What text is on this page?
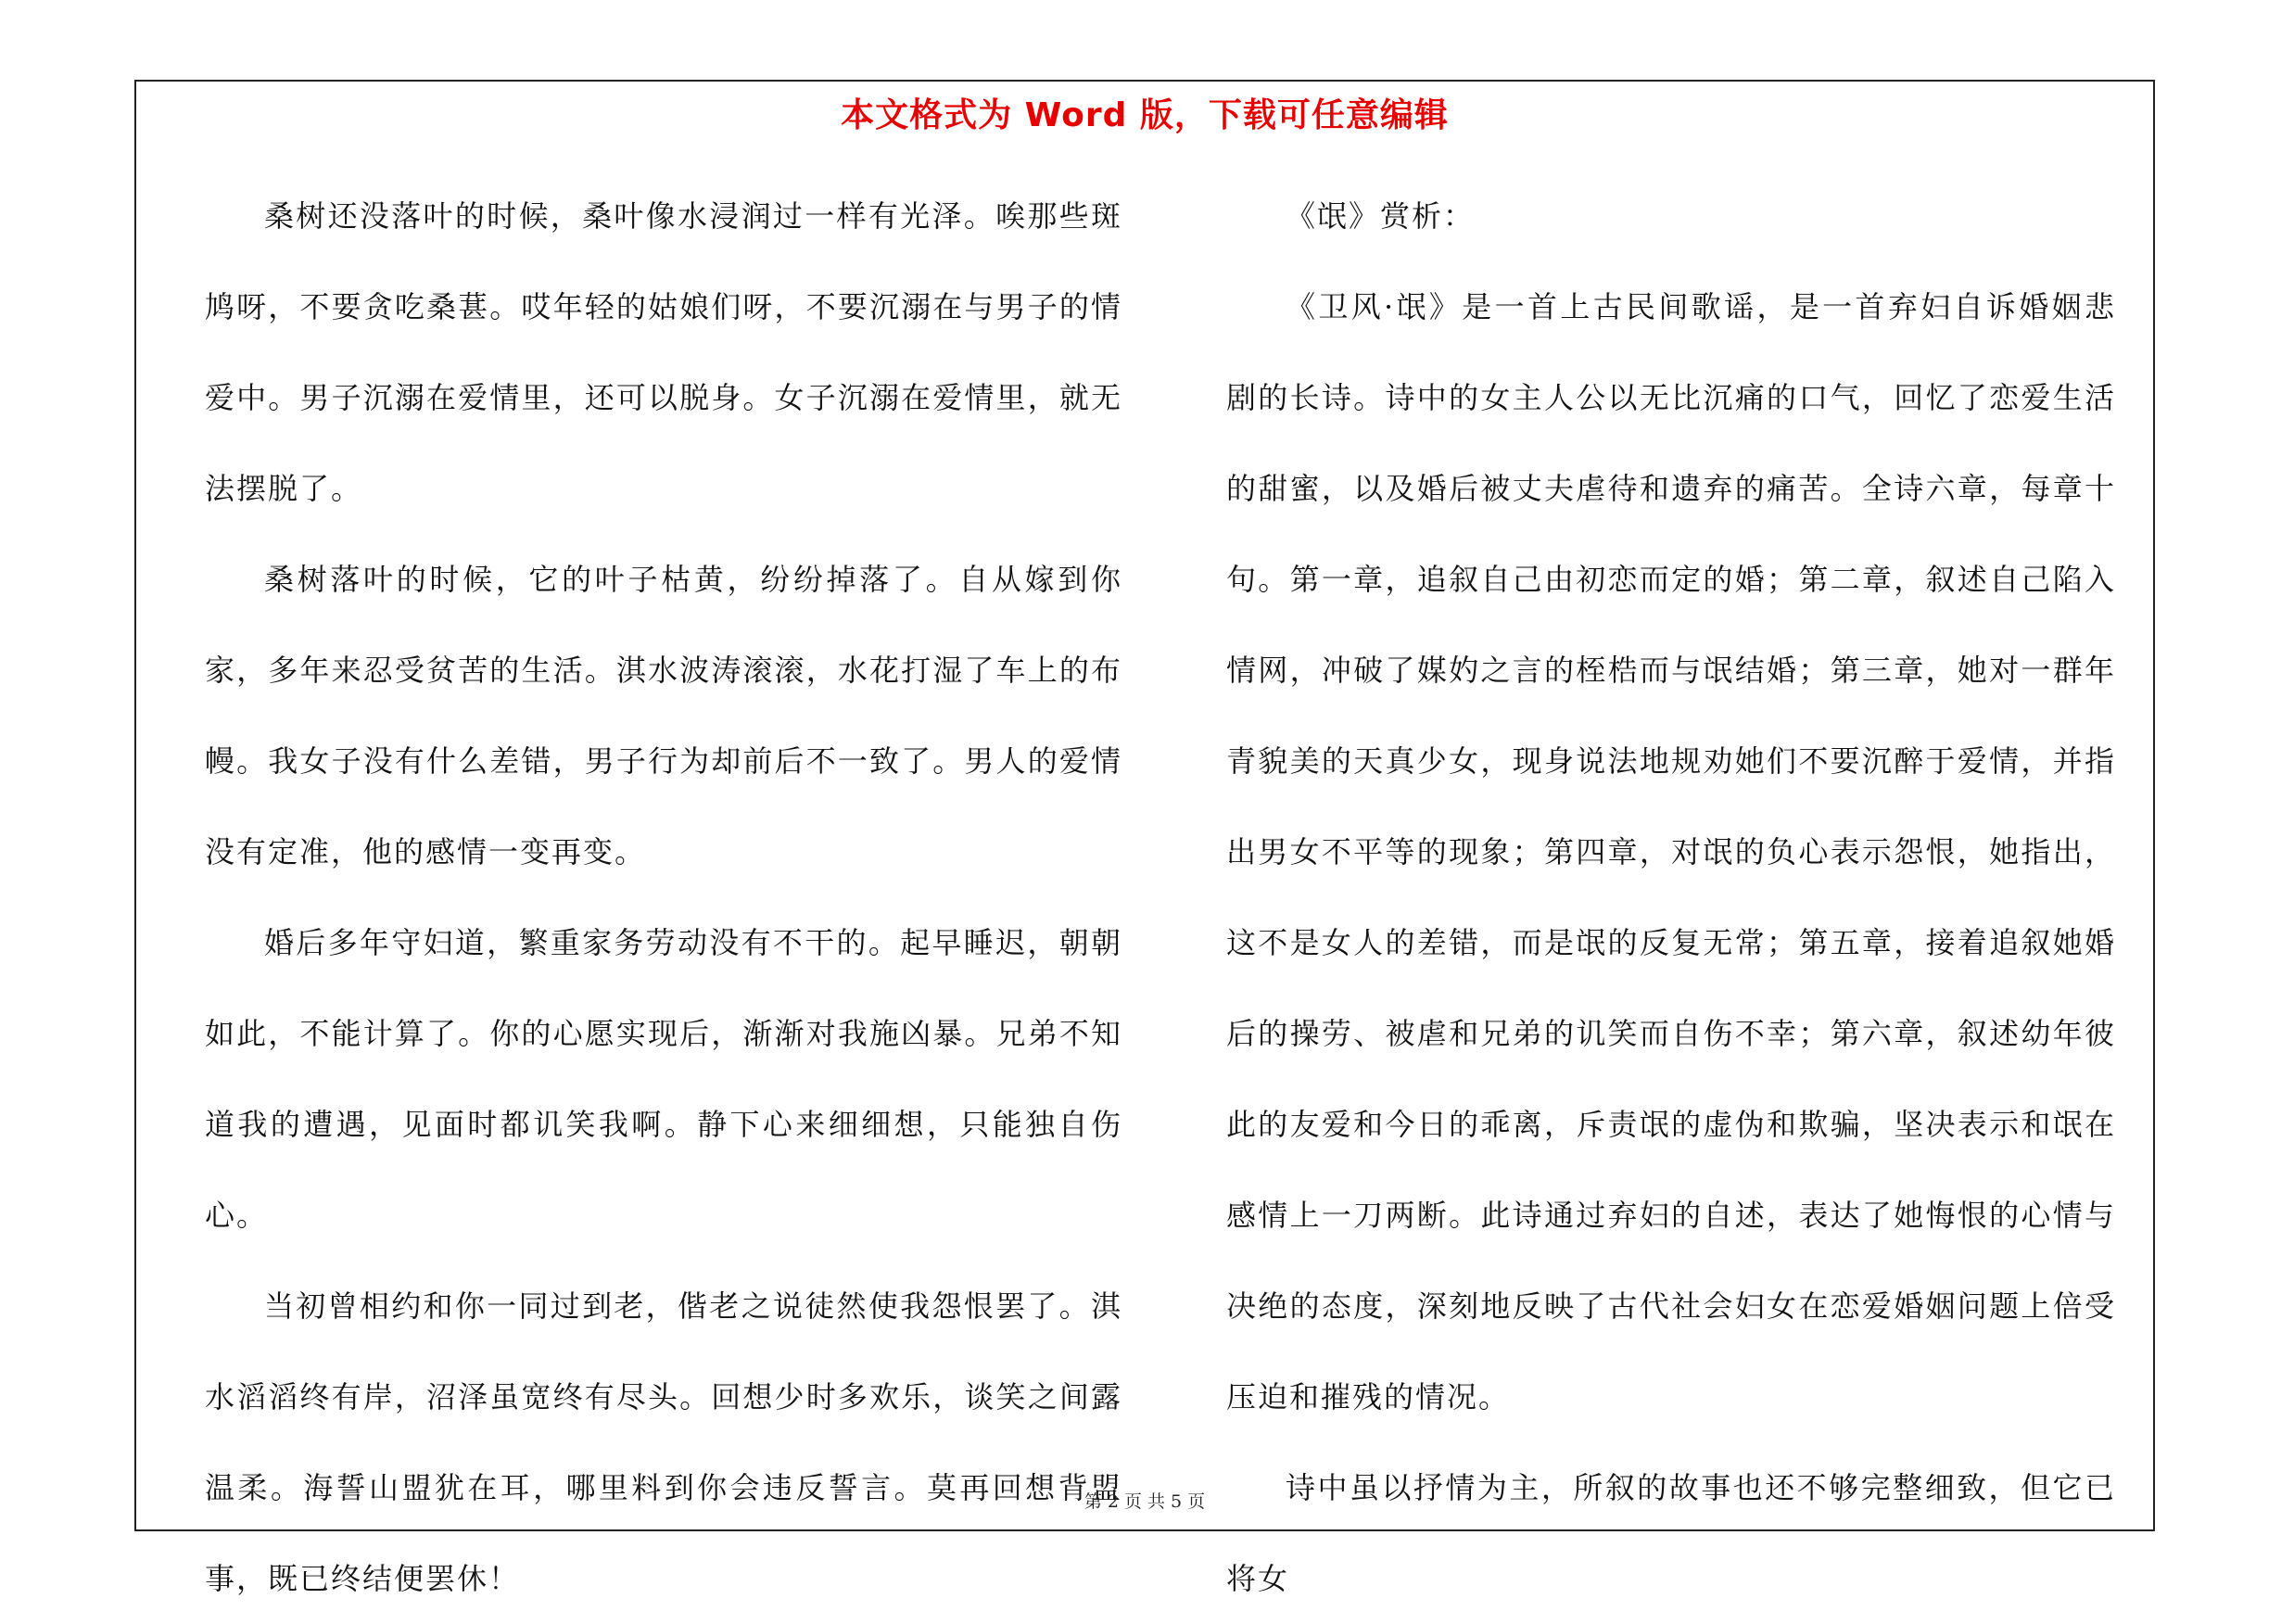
本文格式为 Word 版，下载可任意编辑

桑树还没落叶的时候，桑叶像水浸润过一样有光泽。唉那些斑鸠呀，不要贪吃桑葚。哎年轻的姑娘们呀，不要沉溺在与男子的情爱中。男子沉溺在爱情里，还可以脱身。女子沉溺在爱情里，就无法摆脱了。

桑树落叶的时候，它的叶子枯黄，纷纷掉落了。自从嫁到你家，多年来忍受贫苦的生活。淇水波涛滚滚，水花打湿了车上的布幔。我女子没有什么差错，男子行为却前后不一致了。男人的爱情没有定准，他的感情一变再变。

婚后多年守妇道，繁重家务劳动没有不干的。起早睡迟，朝朝如此，不能计算了。你的心愿实现后，渐渐对我施凶暴。兄弟不知道我的遭遇，见面时都讥笑我啊。静下心来细细想，只能独自伤心。

当初曾相约和你一同过到老，偕老之说徒然使我怨恨罢了。淇水滔滔终有岸，沼泽虽宽终有尽头。回想少时多欢乐，谈笑之间露温柔。海誓山盟犹在耳，哪里料到你会违反誓言。莫再回想背盟事，既已终结便罢休！

《氓》赏析：

《卫风·氓》是一首上古民间歌谣，是一首弃妇自诉婚姻悲剧的长诗。诗中的女主人公以无比沉痛的口气，回忆了恋爱生活的甜蜜，以及婚后被丈夫虐待和遗弃的痛苦。全诗六章，每章十句。第一章，追叙自己由初恋而定的婚；第二章，叙述自己陷入情网，冲破了媒妁之言的桎梏而与氓结婚；第三章，她对一群年青貌美的天真少女，现身说法地规劝她们不要沉醉于爱情，并指出男女不平等的现象；第四章，对氓的负心表示怨恨，她指出，这不是女人的差错，而是氓的反复无常；第五章，接着追叙她婚后的操劳、被虐和兄弟的讥笑而自伤不幸；第六章，叙述幼年彼此的友爱和今日的乖离，斥责氓的虚伪和欺骗，坚决表示和氓在感情上一刀两断。此诗通过弃妇的自述，表达了她悔恨的心情与决绝的态度，深刻地反映了古代社会妇女在恋爱婚姻问题上倍受压迫和摧残的情况。

诗中虽以抒情为主，所叙的故事也还不够完整细致，但它已将女

第 2 页 共 5 页
